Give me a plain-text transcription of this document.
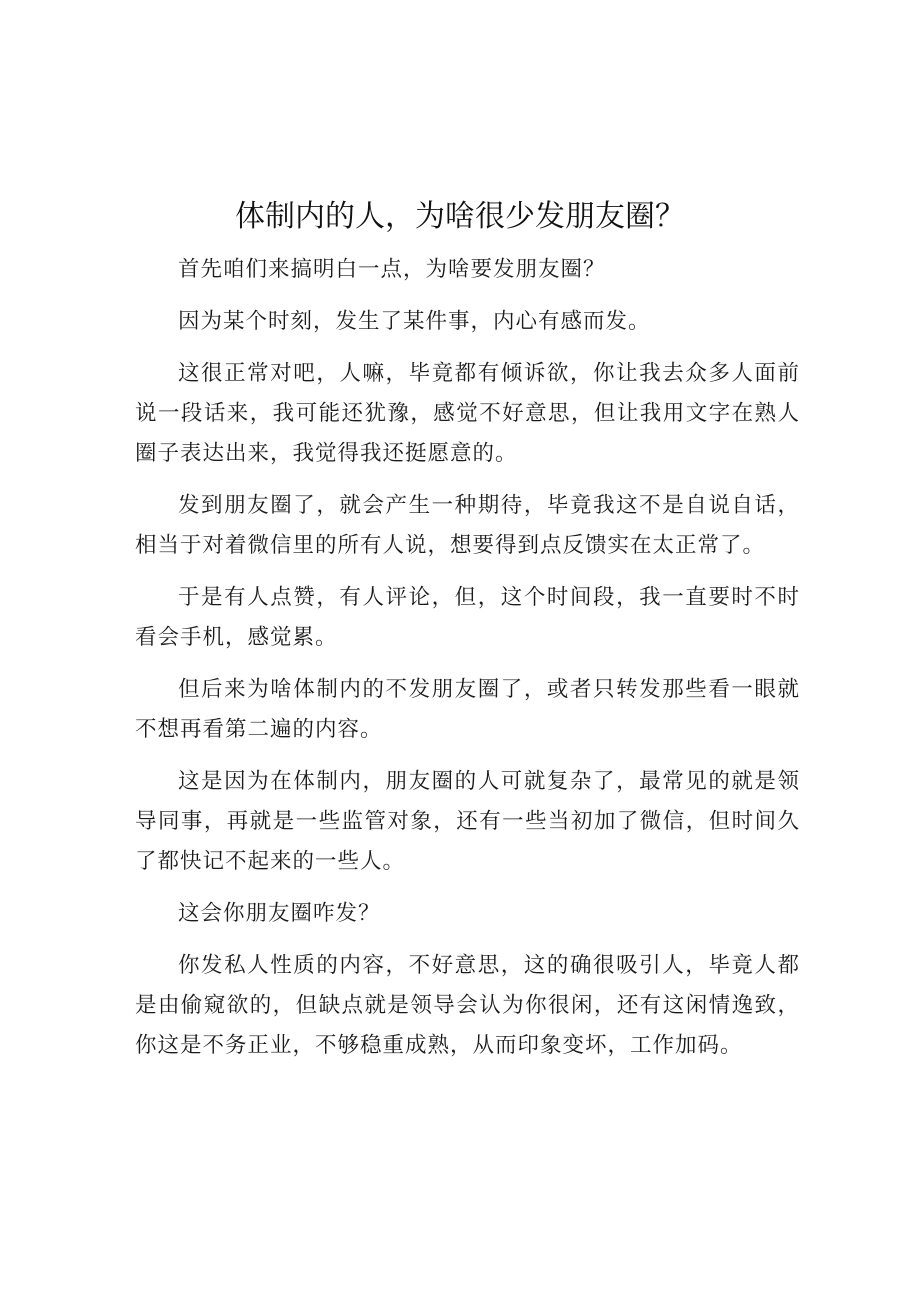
体制内的人，为啥很少发朋友圈？

首先咱们来搞明白一点，为啥要发朋友圈？

因为某个时刻，发生了某件事，内心有感而发。

这很正常对吧，人嘛，毕竟都有倾诉欲，你让我去众多人面前说一段话来，我可能还犹豫，感觉不好意思，但让我用文字在熟人圈子表达出来，我觉得我还挺愿意的。

发到朋友圈了，就会产生一种期待，毕竟我这不是自说自话，相当于对着微信里的所有人说，想要得到点反馈实在太正常了。

于是有人点赞，有人评论，但，这个时间段，我一直要时不时看会手机，感觉累。

但后来为啥体制内的不发朋友圈了，或者只转发那些看一眼就不想再看第二遍的内容。

这是因为在体制内，朋友圈的人可就复杂了，最常见的就是领导同事，再就是一些监管对象，还有一些当初加了微信，但时间久了都快记不起来的一些人。

这会你朋友圈咋发？

你发私人性质的内容，不好意思，这的确很吸引人，毕竟人都是由偷窥欲的，但缺点就是领导会认为你很闲，还有这闲情逸致，你这是不务正业，不够稳重成熟，从而印象变坏，工作加码。
